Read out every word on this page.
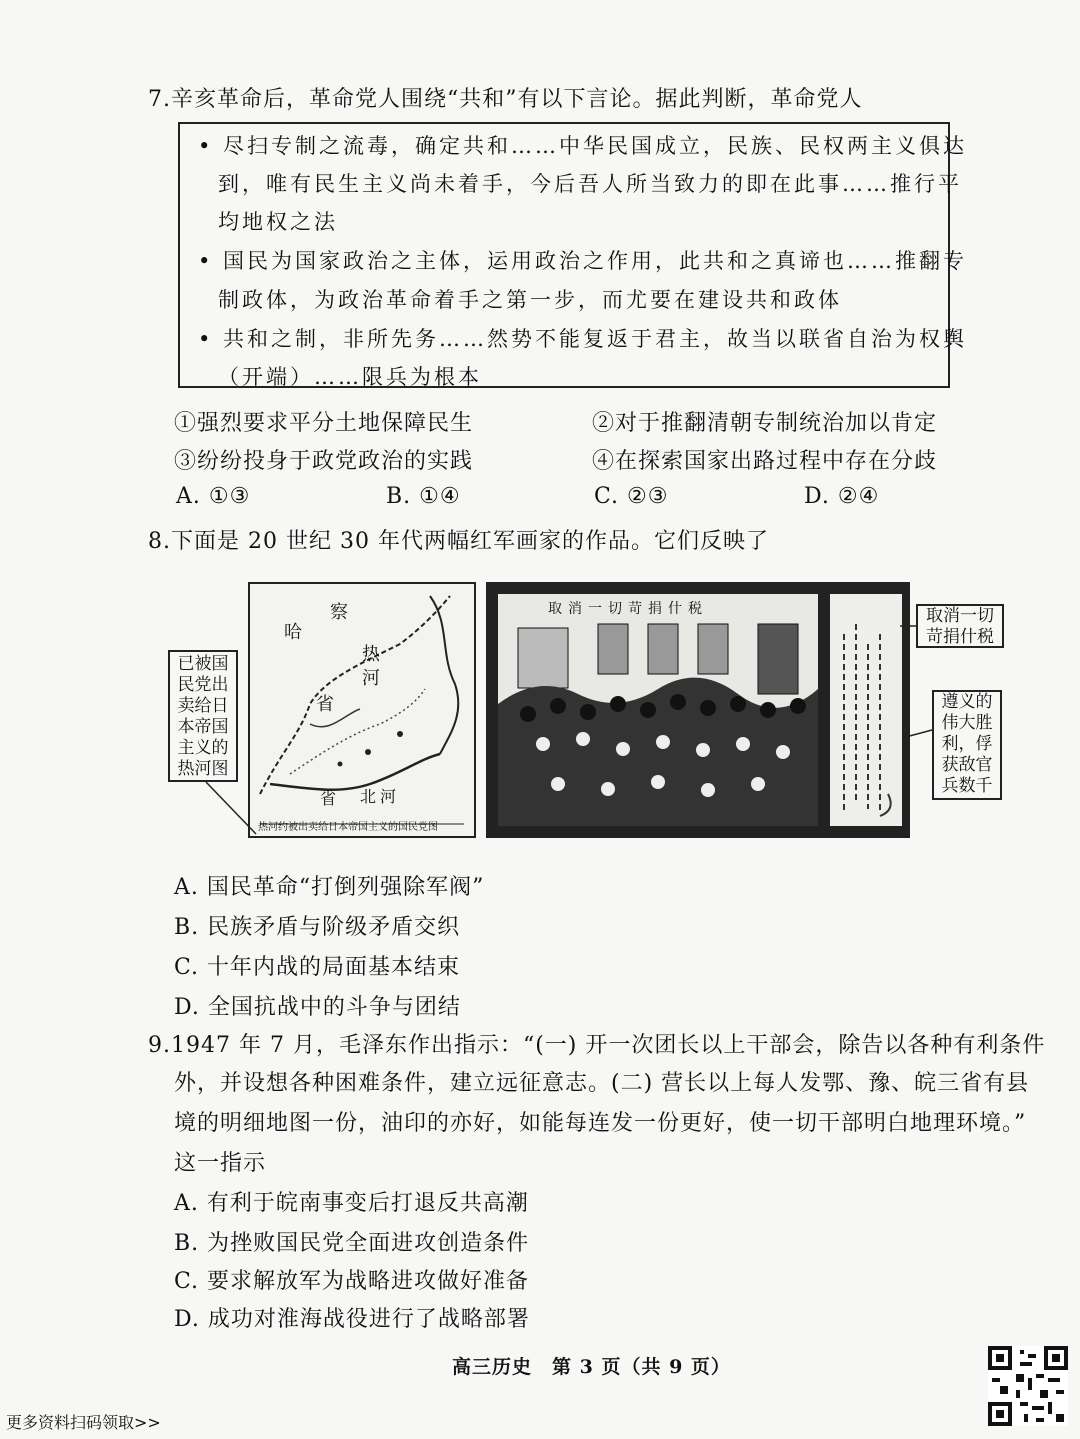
7.辛亥革命后，革命党人围绕“共和”有以下言论。据此判断，革命党人
• 尽扫专制之流毒，确定共和……中华民国成立，民族、民权两主义俱达
到，唯有民生主义尚未着手，今后吾人所当致力的即在此事……推行平
均地权之法
• 国民为国家政治之主体，运用政治之作用，此共和之真谛也……推翻专
制政体，为政治革命着手之第一步，而尤要在建设共和政体
• 共和之制，非所先务……然势不能复返于君主，故当以联省自治为权舆
（开端）……限兵为根本
①强烈要求平分土地保障民生	②对于推翻清朝专制统治加以肯定
③纷纷投身于政党政治的实践	④在探索国家出路过程中存在分歧
A. ①③	B. ①④	C. ②③	D. ②④
8.下面是 20 世纪 30 年代两幅红军画家的作品。它们反映了
察
哈
热
河
省
北 河
省
热河约被出卖给日本帝国主义的国民党图
已被国
民党出
卖给日
本帝国
主义的
热河图
取消一切苛捐什税	取消一切
苛捐什税
遵义的
伟大胜
利，俘
获敌官
兵数千
A. 国民革命“打倒列强除军阀”
B. 民族矛盾与阶级矛盾交织
C. 十年内战的局面基本结束
D. 全国抗战中的斗争与团结
9.1947 年 7 月，毛泽东作出指示：“(一) 开一次团长以上干部会，除告以各种有利条件
外，并设想各种困难条件，建立远征意志。(二) 营长以上每人发鄂、豫、皖三省有县
境的明细地图一份，油印的亦好，如能每连发一份更好，使一切干部明白地理环境。”
这一指示
A. 有利于皖南事变后打退反共高潮
B. 为挫败国民党全面进攻创造条件
C. 要求解放军为战略进攻做好准备
D. 成功对淮海战役进行了战略部署
高三历史　第 3 页（共 9 页）
更多资料扫码领取>>
